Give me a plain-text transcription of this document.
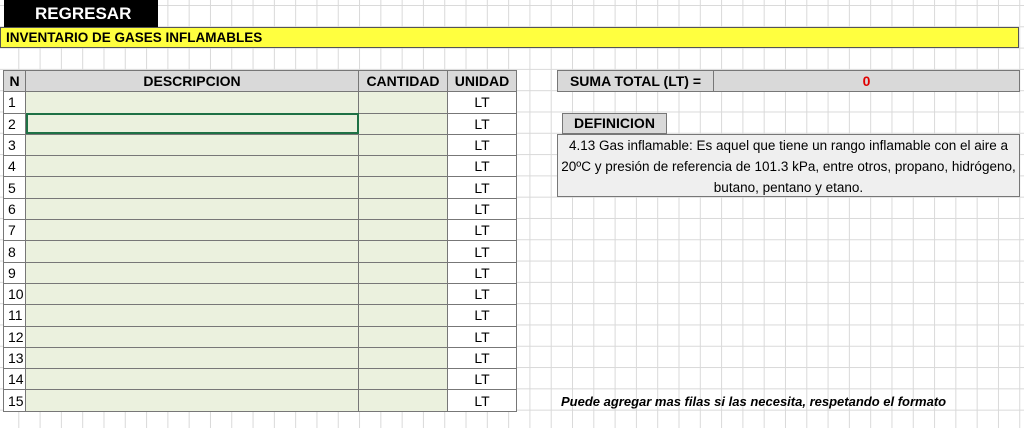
REGRESAR
INVENTARIO DE GASES INFLAMABLES
N	DESCRIPCION	CANTIDAD	UNIDAD
1			LT
2			LT
3			LT
4			LT
5			LT
6			LT
7			LT
8			LT
9			LT
10			LT
11			LT
12			LT
13			LT
14			LT
15			LT
SUMA TOTAL (LT) =	0
DEFINICION
4.13 Gas inflamable: Es aquel que tiene un rango inflamable con el aire a 20ºC y presión de referencia de 101.3 kPa, entre otros, propano, hidrógeno, butano, pentano y etano.
Puede agregar mas filas si las necesita, respetando el formato
